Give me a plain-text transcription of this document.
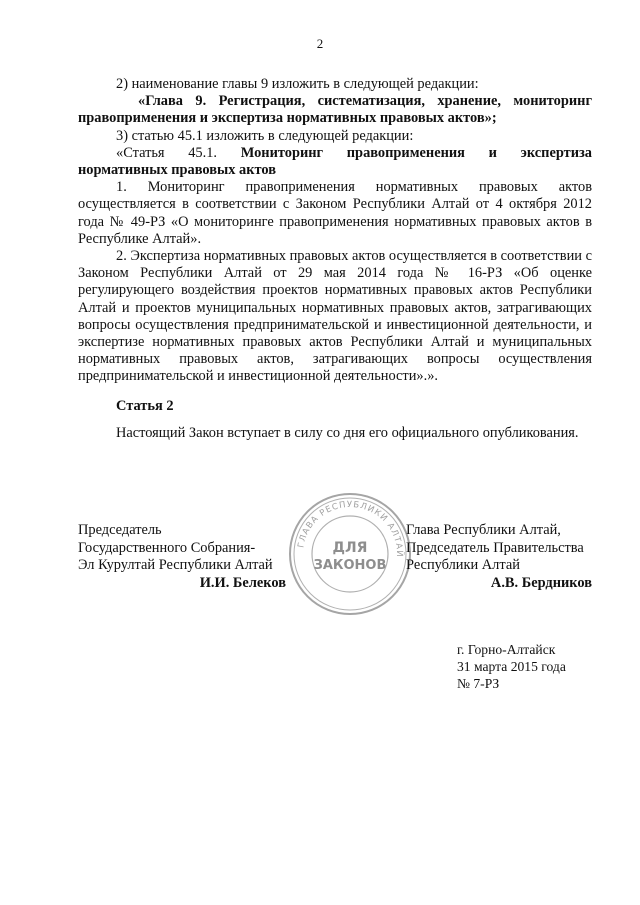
2

2) наименование главы 9 изложить в следующей редакции:

«Глава 9. Регистрация, систематизация, хранение, мониторинг правоприменения и экспертиза нормативных правовых актов»;

3) статью 45.1 изложить в следующей редакции:

«Статья 45.1. Мониторинг правоприменения и экспертиза

нормативных правовых актов

1. Мониторинг правоприменения нормативных правовых актов осуществляется в соответствии с Законом Республики Алтай от 4 октября 2012 года № 49-РЗ «О мониторинге правоприменения нормативных правовых актов в Республике Алтай».

2. Экспертиза нормативных правовых актов осуществляется в соответствии с Законом Республики Алтай от 29 мая 2014 года № 16-РЗ «Об оценке регулирующего воздействия проектов нормативных правовых актов Республики Алтай и проектов муниципальных нормативных правовых актов, затрагивающих вопросы осуществления предпринимательской и инвестиционной деятельности, и экспертизе нормативных правовых актов Республики Алтай и муниципальных нормативных правовых актов, затрагивающих вопросы осуществления предпринимательской и инвестиционной деятельности».».

Статья 2

Настоящий Закон вступает в силу со дня его официального опубликования.

Председатель
Государственного Собрания-
Эл Курултай Республики Алтай
И.И. Белеков
ГЛАВА РЕСПУБЛИКИ АЛТАЙ
ДЛЯ
ЗАКОНОВ
Глава Республики Алтай,
Председатель Правительства
Республики Алтай
А.В. Бердников
г. Горно-Алтайск
31 марта 2015 года
№ 7-РЗ
